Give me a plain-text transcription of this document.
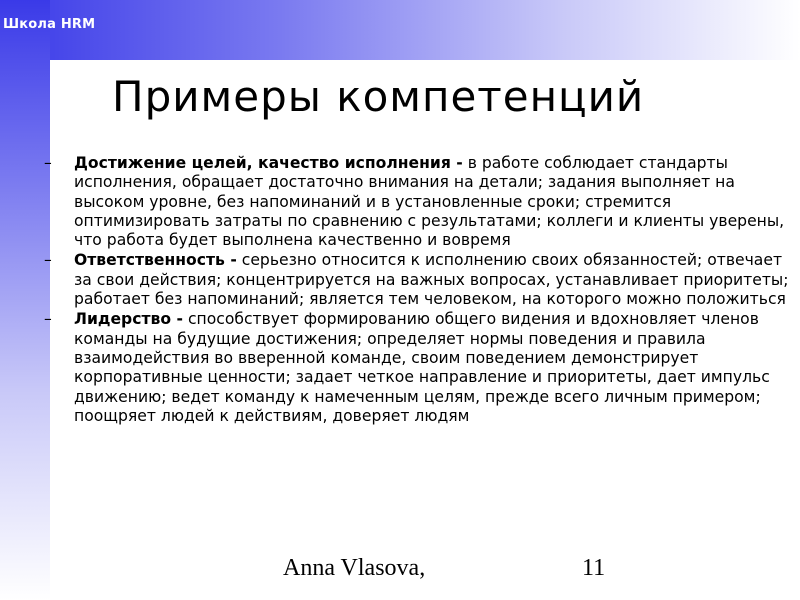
Школа HRM
Примеры компетенций
– Достижение целей, качество исполнения - в работе соблюдает стандарты исполнения, обращает достаточно внимания на детали; задания выполняет на высоком уровне, без напоминаний и в установленные сроки; стремится оптимизировать затраты по сравнению с результатами; коллеги и клиенты уверены, что работа будет выполнена качественно и вовремя
– Ответственность - серьезно относится к исполнению своих обязанностей; отвечает за свои действия; концентрируется на важных вопросах, устанавливает приоритеты; работает без напоминаний; является тем человеком, на которого можно положиться
– Лидерство - способствует формированию общего видения и вдохновляет членов команды на будущие достижения; определяет нормы поведения и правила взаимодействия во вверенной команде, своим поведением демонстрирует корпоративные ценности; задает четкое направление и приоритеты, дает импульс движению; ведет команду к намеченным целям, прежде всего личным примером; поощряет людей к действиям, доверяет людям
Anna Vlasova,	11
